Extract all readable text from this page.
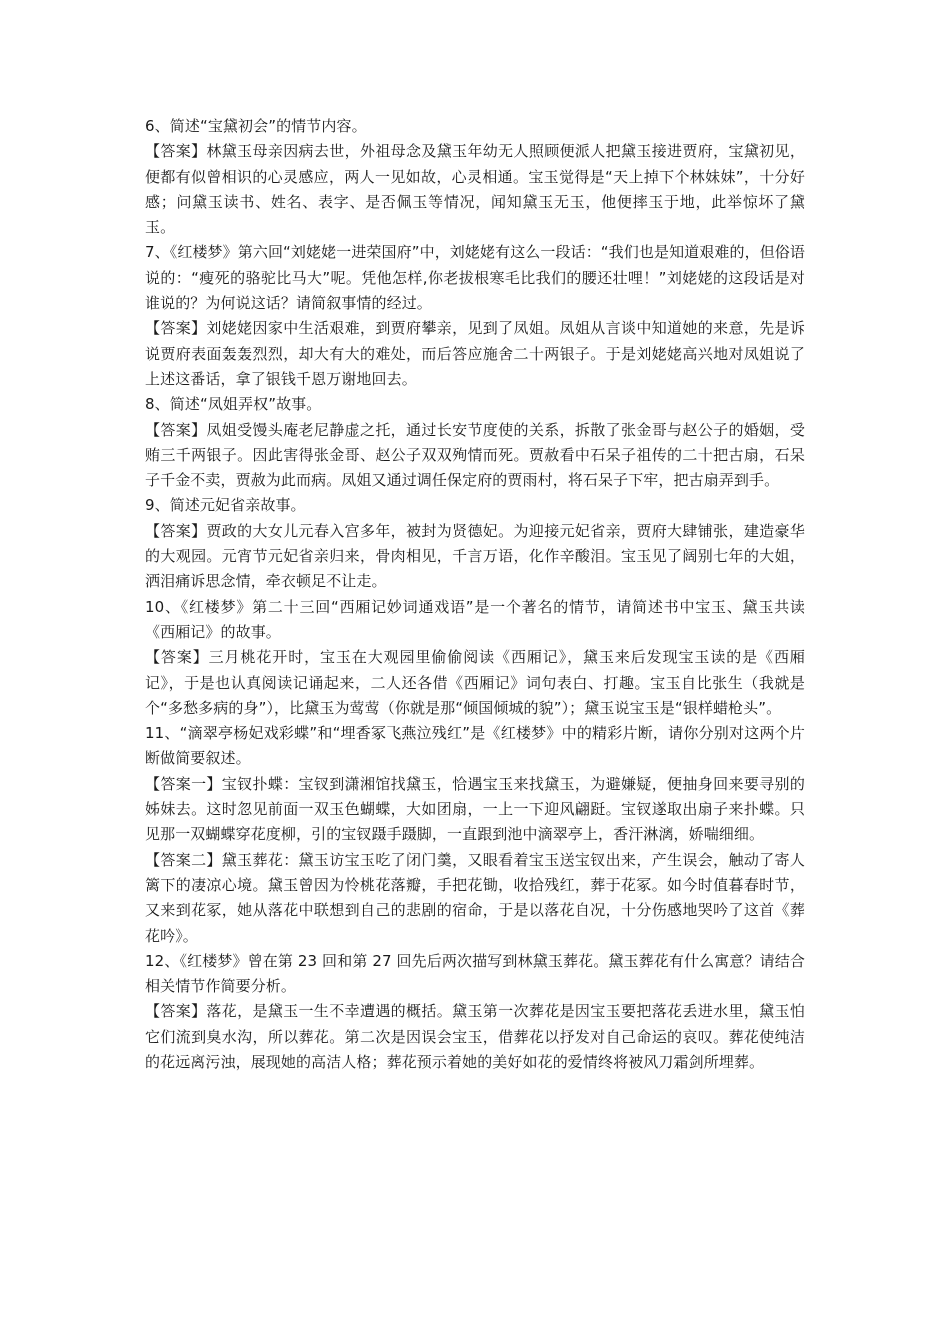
6、简述“宝黛初会”的情节内容。

【答案】林黛玉母亲因病去世，外祖母念及黛玉年幼无人照顾便派人把黛玉接进贾府，宝黛初见，便都有似曾相识的心灵感应，两人一见如故，心灵相通。宝玉觉得是“天上掉下个林妹妹”，十分好感；问黛玉读书、姓名、表字、是否佩玉等情况，闻知黛玉无玉，他便摔玉于地，此举惊坏了黛玉。

7、《红楼梦》第六回“刘姥姥一进荣国府”中，刘姥姥有这么一段话：“我们也是知道艰难的，但俗语说的：“瘦死的骆驼比马大”呢。凭他怎样,你老拔根寒毛比我们的腰还壮哩！”刘姥姥的这段话是对谁说的？为何说这话？请简叙事情的经过。

【答案】刘姥姥因家中生活艰难，到贾府攀亲，见到了凤姐。凤姐从言谈中知道她的来意，先是诉说贾府表面轰轰烈烈，却大有大的难处，而后答应施舍二十两银子。于是刘姥姥高兴地对凤姐说了上述这番话，拿了银钱千恩万谢地回去。

8、简述“凤姐弄权”故事。

【答案】凤姐受馒头庵老尼静虚之托，通过长安节度使的关系，拆散了张金哥与赵公子的婚姻，受贿三千两银子。因此害得张金哥、赵公子双双殉情而死。贾赦看中石呆子祖传的二十把古扇，石呆子千金不卖，贾赦为此而病。凤姐又通过调任保定府的贾雨村，将石呆子下牢，把古扇弄到手。

9、简述元妃省亲故事。

【答案】贾政的大女儿元春入宫多年，被封为贤德妃。为迎接元妃省亲，贾府大肆铺张，建造豪华的大观园。元宵节元妃省亲归来，骨肉相见，千言万语，化作辛酸泪。宝玉见了阔别七年的大姐，洒泪痛诉思念情，牵衣顿足不让走。

10、《红楼梦》第二十三回“西厢记妙词通戏语”是一个著名的情节，请简述书中宝玉、黛玉共读《西厢记》的故事。

【答案】三月桃花开时，宝玉在大观园里偷偷阅读《西厢记》，黛玉来后发现宝玉读的是《西厢记》，于是也认真阅读记诵起来，二人还各借《西厢记》词句表白、打趣。宝玉自比张生（我就是个“多愁多病的身”），比黛玉为莺莺（你就是那“倾国倾城的貌”）；黛玉说宝玉是“银样蜡枪头”。

11、“滴翠亭杨妃戏彩蝶”和“埋香冢飞燕泣残红”是《红楼梦》中的精彩片断，请你分别对这两个片断做简要叙述。

【答案一】宝钗扑蝶：宝钗到潇湘馆找黛玉，恰遇宝玉来找黛玉，为避嫌疑，便抽身回来要寻别的姊妹去。这时忽见前面一双玉色蝴蝶，大如团扇，一上一下迎风翩跹。宝钗遂取出扇子来扑蝶。只见那一双蝴蝶穿花度柳，引的宝钗蹑手蹑脚，一直跟到池中滴翠亭上，香汗淋漓，娇喘细细。

【答案二】黛玉葬花：黛玉访宝玉吃了闭门羹，又眼看着宝玉送宝钗出来，产生误会，触动了寄人篱下的凄凉心境。黛玉曾因为怜桃花落瓣，手把花锄，收拾残红，葬于花冢。如今时值暮春时节，又来到花冢，她从落花中联想到自己的悲剧的宿命，于是以落花自况，十分伤感地哭吟了这首《葬花吟》。

12、《红楼梦》曾在第 23 回和第 27 回先后两次描写到林黛玉葬花。黛玉葬花有什么寓意？请结合相关情节作简要分析。

【答案】落花，是黛玉一生不幸遭遇的概括。黛玉第一次葬花是因宝玉要把落花丢进水里，黛玉怕它们流到臭水沟，所以葬花。第二次是因误会宝玉，借葬花以抒发对自己命运的哀叹。葬花使纯洁的花远离污浊，展现她的高洁人格；葬花预示着她的美好如花的爱情终将被风刀霜剑所埋葬。
